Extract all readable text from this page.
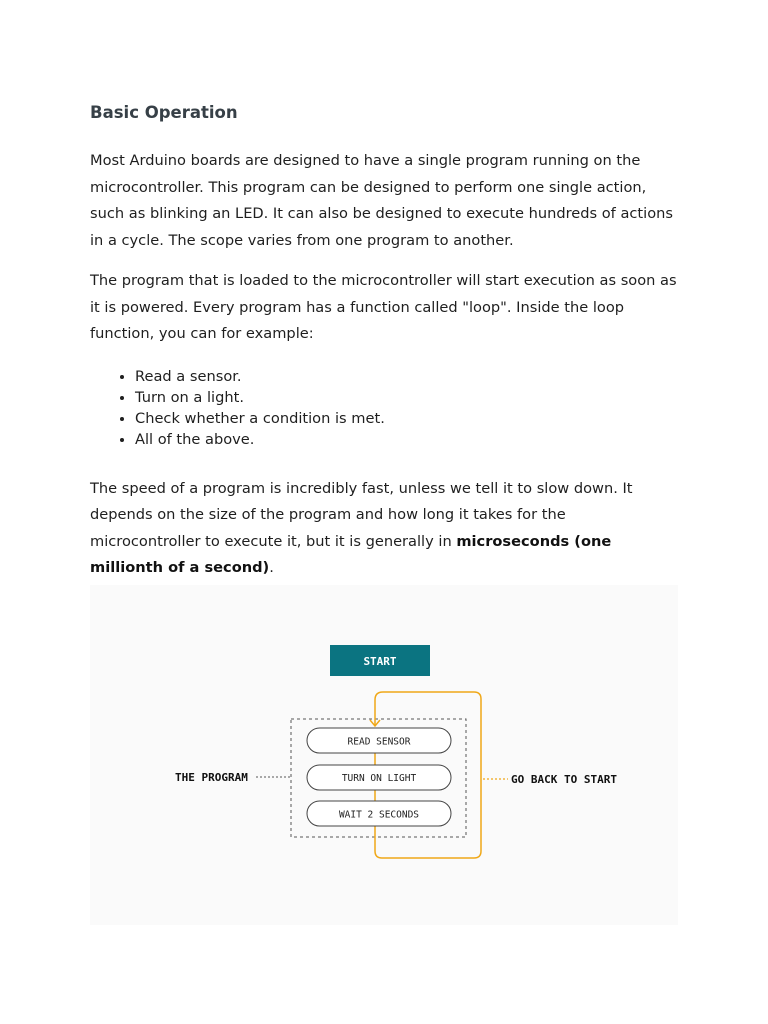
Basic Operation

Most Arduino boards are designed to have a single program running on the microcontroller. This program can be designed to perform one single action, such as blinking an LED. It can also be designed to execute hundreds of actions in a cycle. The scope varies from one program to another.

The program that is loaded to the microcontroller will start execution as soon as it is powered. Every program has a function called "loop". Inside the loop function, you can for example:

• Read a sensor.
• Turn on a light.
• Check whether a condition is met.
• All of the above.

The speed of a program is incredibly fast, unless we tell it to slow down. It depends on the size of the program and how long it takes for the microcontroller to execute it, but it is generally in microseconds (one millionth of a second).

START
READ SENSOR
TURN ON LIGHT
WAIT 2 SECONDS
THE PROGRAM	GO BACK TO START
